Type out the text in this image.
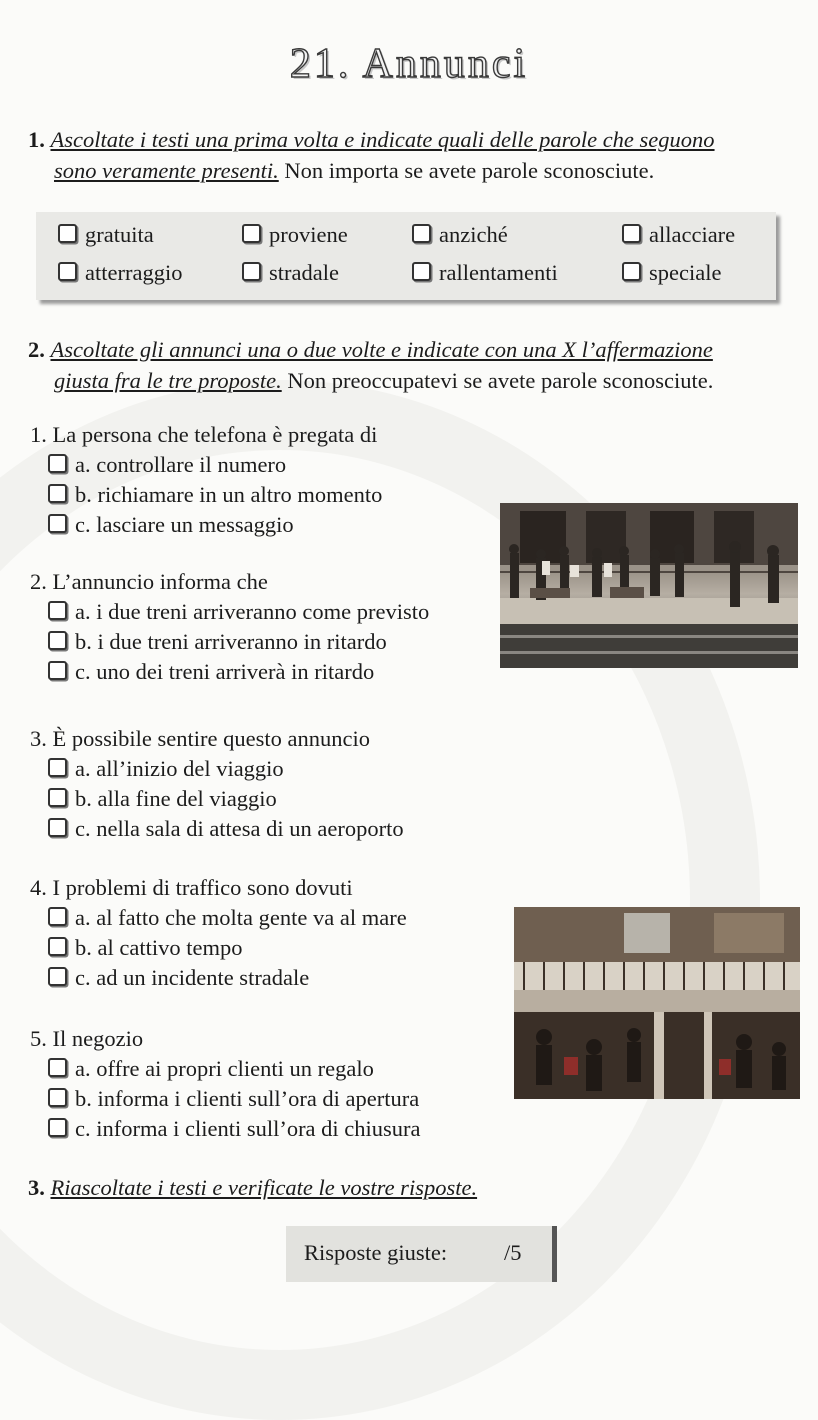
21. Annunci
1. Ascoltate i testi una prima volta e indicate quali delle parole che seguono

sono veramente presenti. Non importa se avete parole sconosciute.
gratuita	proviene	anziché	allacciare
atterraggio	stradale	rallentamenti	speciale
2. Ascoltate gli annunci una o due volte e indicate con una X l’affermazione

giusta fra le tre proposte. Non preoccupatevi se avete parole sconosciute.
1. La persona che telefona è pregata di
a. controllare il numero
b. richiamare in un altro momento
c. lasciare un messaggio
2. L’annuncio informa che
a. i due treni arriveranno come previsto
b. i due treni arriveranno in ritardo
c. uno dei treni arriverà in ritardo
3. È possibile sentire questo annuncio
a. all’inizio del viaggio
b. alla fine del viaggio
c. nella sala di attesa di un aeroporto
4. I problemi di traffico sono dovuti
a. al fatto che molta gente va al mare
b. al cattivo tempo
c. ad un incidente stradale
5. Il negozio
a. offre ai propri clienti un regalo
b. informa i clienti sull’ora di apertura
c. informa i clienti sull’ora di chiusura
3. Riascoltate i testi e verificate le vostre risposte.
Risposte giuste:	/5
